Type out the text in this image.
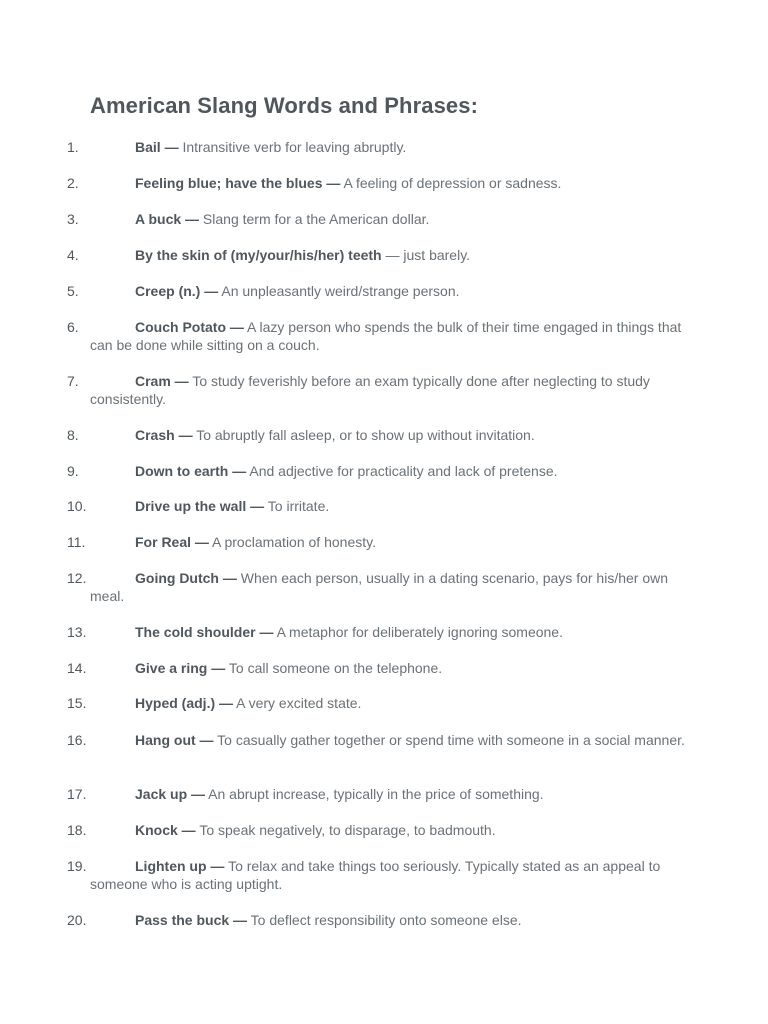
American Slang Words and Phrases:
1.	Bail — Intransitive verb for leaving abruptly.
2.	Feeling blue; have the blues — A feeling of depression or sadness.
3.	A buck — Slang term for a the American dollar.
4.	By the skin of (my/your/his/her) teeth — just barely.
5.	Creep (n.) — An unpleasantly weird/strange person.
6.	Couch Potato — A lazy person who spends the bulk of their time engaged in things that can be done while sitting on a couch.
7.	Cram — To study feverishly before an exam typically done after neglecting to study consistently.
8.	Crash — To abruptly fall asleep, or to show up without invitation.
9.	Down to earth — And adjective for practicality and lack of pretense.
10.	Drive up the wall — To irritate.
11.	For Real — A proclamation of honesty.
12.	Going Dutch — When each person, usually in a dating scenario, pays for his/her own meal.
13.	The cold shoulder — A metaphor for deliberately ignoring someone.
14.	Give a ring — To call someone on the telephone.
15.	Hyped (adj.) — A very excited state.
16.	Hang out — To casually gather together or spend time with someone in a social manner.
17.	Jack up — An abrupt increase, typically in the price of something.
18.	Knock — To speak negatively, to disparage, to badmouth.
19.	Lighten up — To relax and take things too seriously. Typically stated as an appeal to someone who is acting uptight.
20.	Pass the buck — To deflect responsibility onto someone else.
